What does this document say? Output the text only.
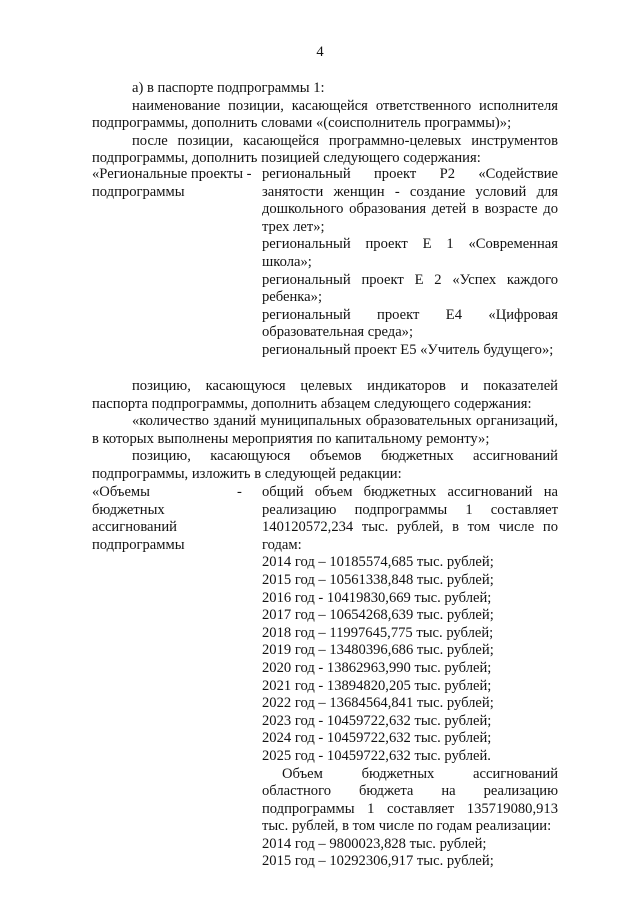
4

а) в паспорте подпрограммы 1:

наименование позиции, касающейся ответственного исполнителя подпрограммы, дополнить словами «(соисполнитель программы)»;

после позиции, касающейся программно-целевых инструментов подпрограммы, дополнить позицией следующего содержания:

«Региональные проекты - подпрограммы

региональный проект Р2 «Содействие занятости женщин - создание условий для дошкольного образования детей в возрасте до трех лет»;

региональный проект Е 1 «Современная школа»;

региональный проект Е 2 «Успех каждого ребенка»;

региональный проект Е4 «Цифровая образовательная среда»;

региональный проект Е5 «Учитель будущего»;

позицию, касающуюся целевых индикаторов и показателей паспорта подпрограммы, дополнить абзацем следующего содержания:

«количество зданий муниципальных образовательных организаций, в которых выполнены мероприятия по капитальному ремонту»;

позицию, касающуюся объемов бюджетных ассигнований подпрограммы, изложить в следующей редакции:

«Объемы
бюджетных
ассигнований
подпрограммы
- общий объем бюджетных ассигнований на реализацию подпрограммы 1 составляет 140120572,234 тыс. рублей, в том числе по годам:

2014 год – 10185574,685 тыс. рублей;
2015 год – 10561338,848 тыс. рублей;
2016 год - 10419830,669 тыс. рублей;
2017 год – 10654268,639 тыс. рублей;
2018 год – 11997645,775 тыс. рублей;
2019 год – 13480396,686 тыс. рублей;
2020 год - 13862963,990 тыс. рублей;
2021 год - 13894820,205 тыс. рублей;
2022 год – 13684564,841 тыс. рублей;
2023 год - 10459722,632 тыс. рублей;
2024 год - 10459722,632 тыс. рублей;
2025 год - 10459722,632 тыс. рублей.

Объем бюджетных ассигнований областного бюджета на реализацию подпрограммы 1 составляет 135719080,913 тыс. рублей, в том числе по годам реализации:

2014 год – 9800023,828 тыс. рублей;
2015 год – 10292306,917 тыс. рублей;
